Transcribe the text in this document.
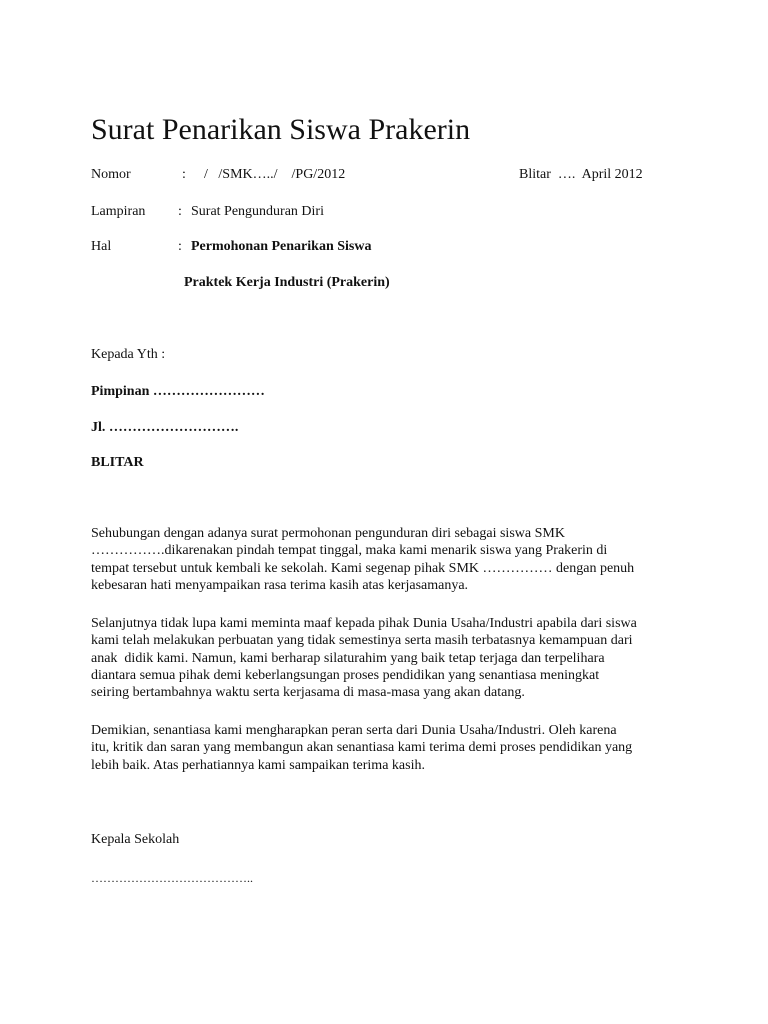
Surat Penarikan Siswa Prakerin
Nomor	: /   /SMK…../    /PG/2012	Blitar  ….  April 2012
Lampiran : Surat Pengunduran Diri
Hal	: Permohonan Penarikan Siswa
Praktek Kerja Industri (Prakerin)
Kepada Yth :
Pimpinan ……………………
Jl. ……………………….
BLITAR
Sehubungan dengan adanya surat permohonan pengunduran diri sebagai siswa SMK
…………….dikarenakan pindah tempat tinggal, maka kami menarik siswa yang Prakerin di
tempat tersebut untuk kembali ke sekolah. Kami segenap pihak SMK …………… dengan penuh
kebesaran hati menyampaikan rasa terima kasih atas kerjasamanya.
Selanjutnya tidak lupa kami meminta maaf kepada pihak Dunia Usaha/Industri apabila dari siswa
kami telah melakukan perbuatan yang tidak semestinya serta masih terbatasnya kemampuan dari
anak  didik kami. Namun, kami berharap silaturahim yang baik tetap terjaga dan terpelihara
diantara semua pihak demi keberlangsungan proses pendidikan yang senantiasa meningkat
seiring bertambahnya waktu serta kerjasama di masa-masa yang akan datang.
Demikian, senantiasa kami mengharapkan peran serta dari Dunia Usaha/Industri. Oleh karena
itu, kritik dan saran yang membangun akan senantiasa kami terima demi proses pendidikan yang
lebih baik. Atas perhatiannya kami sampaikan terima kasih.
Kepala Sekolah
…………………………………..
